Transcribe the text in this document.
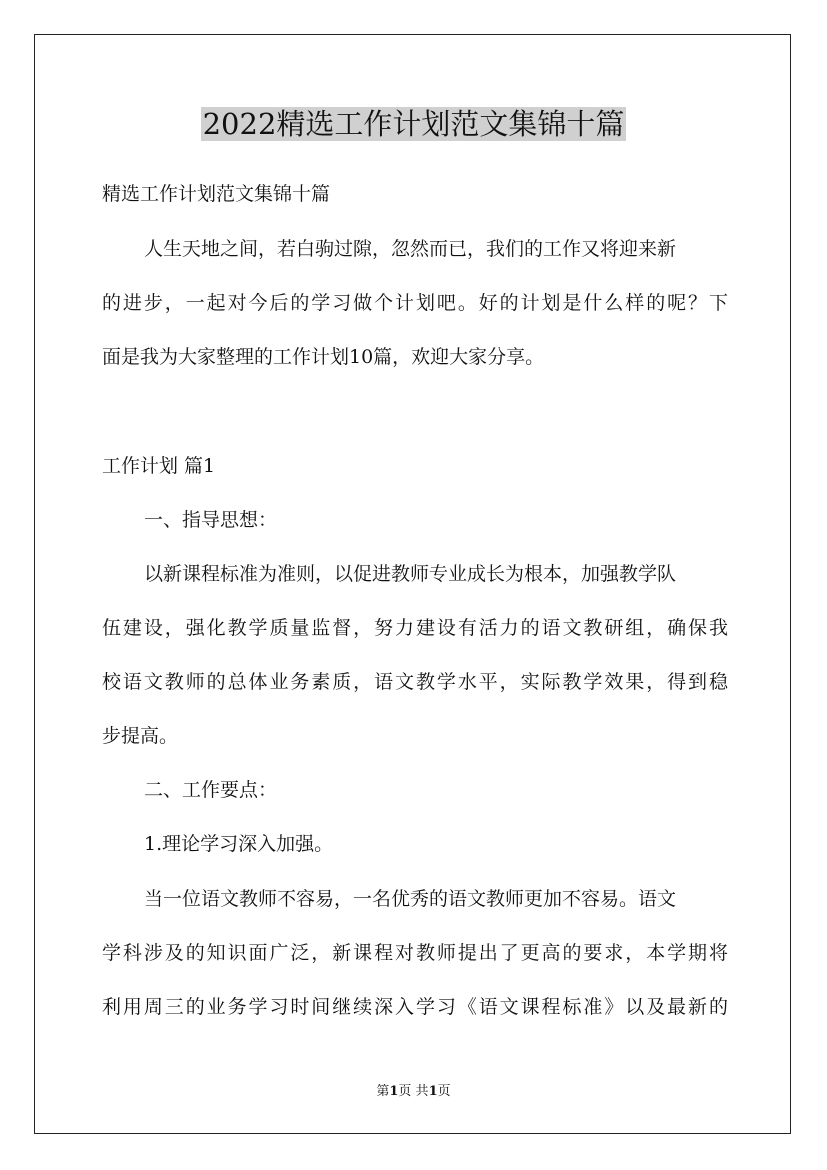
2022精选工作计划范文集锦十篇

精选工作计划范文集锦十篇

人生天地之间，若白驹过隙，忽然而已，我们的工作又将迎来新

的进步，一起对今后的学习做个计划吧。好的计划是什么样的呢？下

面是我为大家整理的工作计划10篇，欢迎大家分享。

工作计划 篇1

一、指导思想：

以新课程标准为准则，以促进教师专业成长为根本，加强教学队

伍建设，强化教学质量监督，努力建设有活力的语文教研组，确保我

校语文教师的总体业务素质，语文教学水平，实际教学效果，得到稳

步提高。

二、工作要点：

1.理论学习深入加强。

当一位语文教师不容易，一名优秀的语文教师更加不容易。语文

学科涉及的知识面广泛，新课程对教师提出了更高的要求，本学期将

利用周三的业务学习时间继续深入学习《语文课程标准》以及最新的

第1页 共1页
